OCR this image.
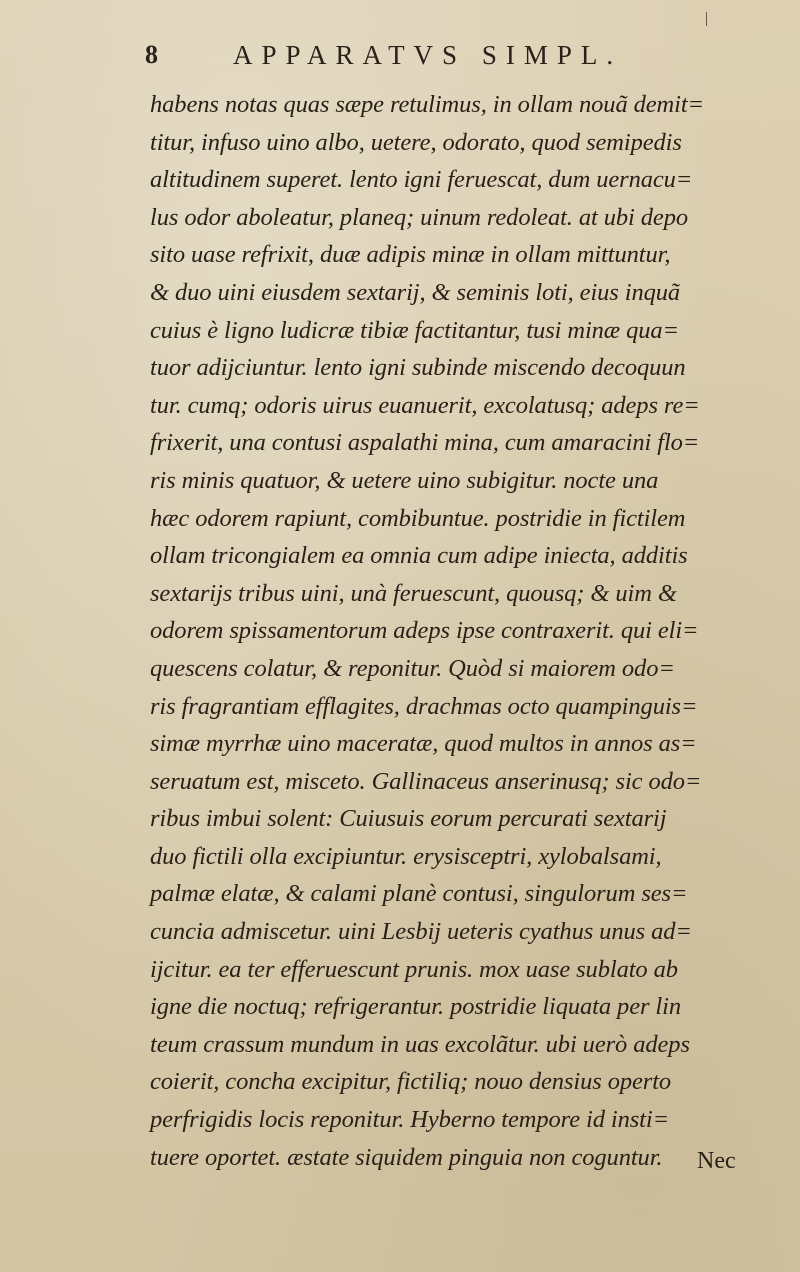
8	APPARATVS SIMPL.
habens notas quas sæpe retulimus, in ollam nouã demit=
titur, infuso uino albo, uetere, odorato, quod semipedis
altitudinem superet. lento igni feruescat, dum uernacu=
lus odor aboleatur, planeq; uinum redoleat. at ubi depo
sito uase refrixit, duæ adipis minæ in ollam mittuntur,
& duo uini eiusdem sextarij, & seminis loti, eius inquã
cuius è ligno ludicræ tibiæ factitantur, tusi minæ qua=
tuor adijciuntur. lento igni subinde miscendo decoquun
tur. cumq; odoris uirus euanuerit, excolatusq; adeps re=
frixerit, una contusi aspalathi mina, cum amaracini flo=
ris minis quatuor, & uetere uino subigitur. nocte una
hæc odorem rapiunt, combibuntue. postridie in fictilem
ollam tricongialem ea omnia cum adipe iniecta, additis
sextarijs tribus uini, unà feruescunt, quousq; & uim &
odorem spissamentorum adeps ipse contraxerit. qui eli=
quescens colatur, & reponitur. Quòd si maiorem odo=
ris fragrantiam efflagites, drachmas octo quampinguis=
simæ myrrhæ uino maceratæ, quod multos in annos as=
seruatum est, misceto. Gallinaceus anserinusq; sic odo=
ribus imbui solent: Cuiusuis eorum percurati sextarij
duo fictili olla excipiuntur. erysisceptri, xylobalsami,
palmæ elatæ, & calami planè contusi, singulorum ses=
cuncia admiscetur. uini Lesbij ueteris cyathus unus ad=
ijcitur. ea ter efferuescunt prunis. mox uase sublato ab
igne die noctuq; refrigerantur. postridie liquata per lin
teum crassum mundum in uas excolãtur. ubi uerò adeps
coierit, concha excipitur, fictiliq; nouo densius operto
perfrigidis locis reponitur. Hyberno tempore id insti=
tuere oportet. æstate siquidem pinguia non coguntur.	Nec
